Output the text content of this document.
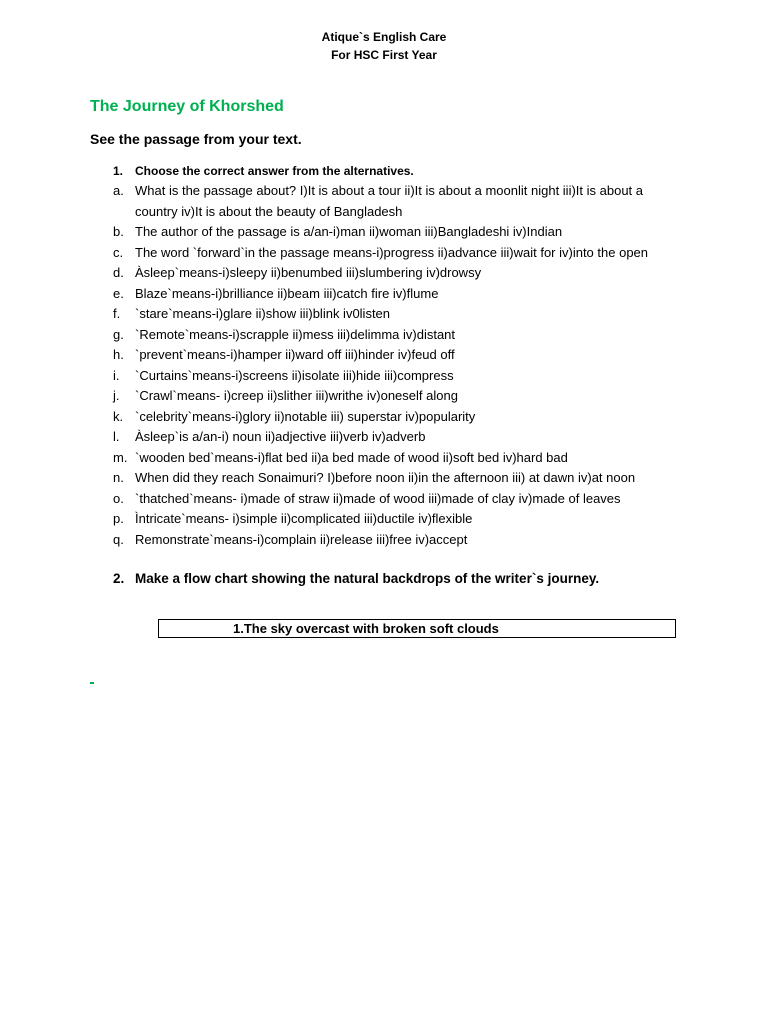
Atique`s English Care
For HSC First Year
The Journey of Khorshed
See the passage from your text.
1. Choose the correct answer from the alternatives.
a. What is the passage about? I)It is about a tour ii)It is about a moonlit night iii)It is about a country iv)It is about the beauty of Bangladesh
b. The author of the passage is a/an-i)man ii)woman iii)Bangladeshi iv)Indian
c. The word `forward`in the passage means-i)progress ii)advance iii)wait for iv)into the open
d. Àsleep`means-i)sleepy ii)benumbed iii)slumbering iv)drowsy
e. Blaze`means-i)brilliance ii)beam iii)catch fire iv)flume
f.	`stare`means-i)glare ii)show iii)blink iv0listen
g. `Remote`means-i)scrapple ii)mess iii)delimma iv)distant
h. `prevent`means-i)hamper ii)ward off iii)hinder iv)feud off
i.	`Curtains`means-i)screens ii)isolate iii)hide iii)compress
j.	`Crawl`means- i)creep ii)slither iii)writhe iv)oneself along
k. `celebrity`means-i)glory ii)notable iii) superstar iv)popularity
l.	Àsleep`is a/an-i) noun ii)adjective iii)verb iv)adverb
m. `wooden bed`means-i)flat bed ii)a bed made of wood ii)soft bed iv)hard bad
n. When did they reach Sonaimuri? I)before noon ii)in the afternoon iii) at dawn iv)at noon
o. `thatched`means- i)made of straw ii)made of wood iii)made of clay iv)made of leaves
p. Ìntricate`means- i)simple ii)complicated iii)ductile iv)flexible
q. Remonstrate`means-i)complain ii)release iii)free iv)accept
2. Make a flow chart showing the natural backdrops of the writer`s journey.
1.The sky overcast with broken soft clouds
